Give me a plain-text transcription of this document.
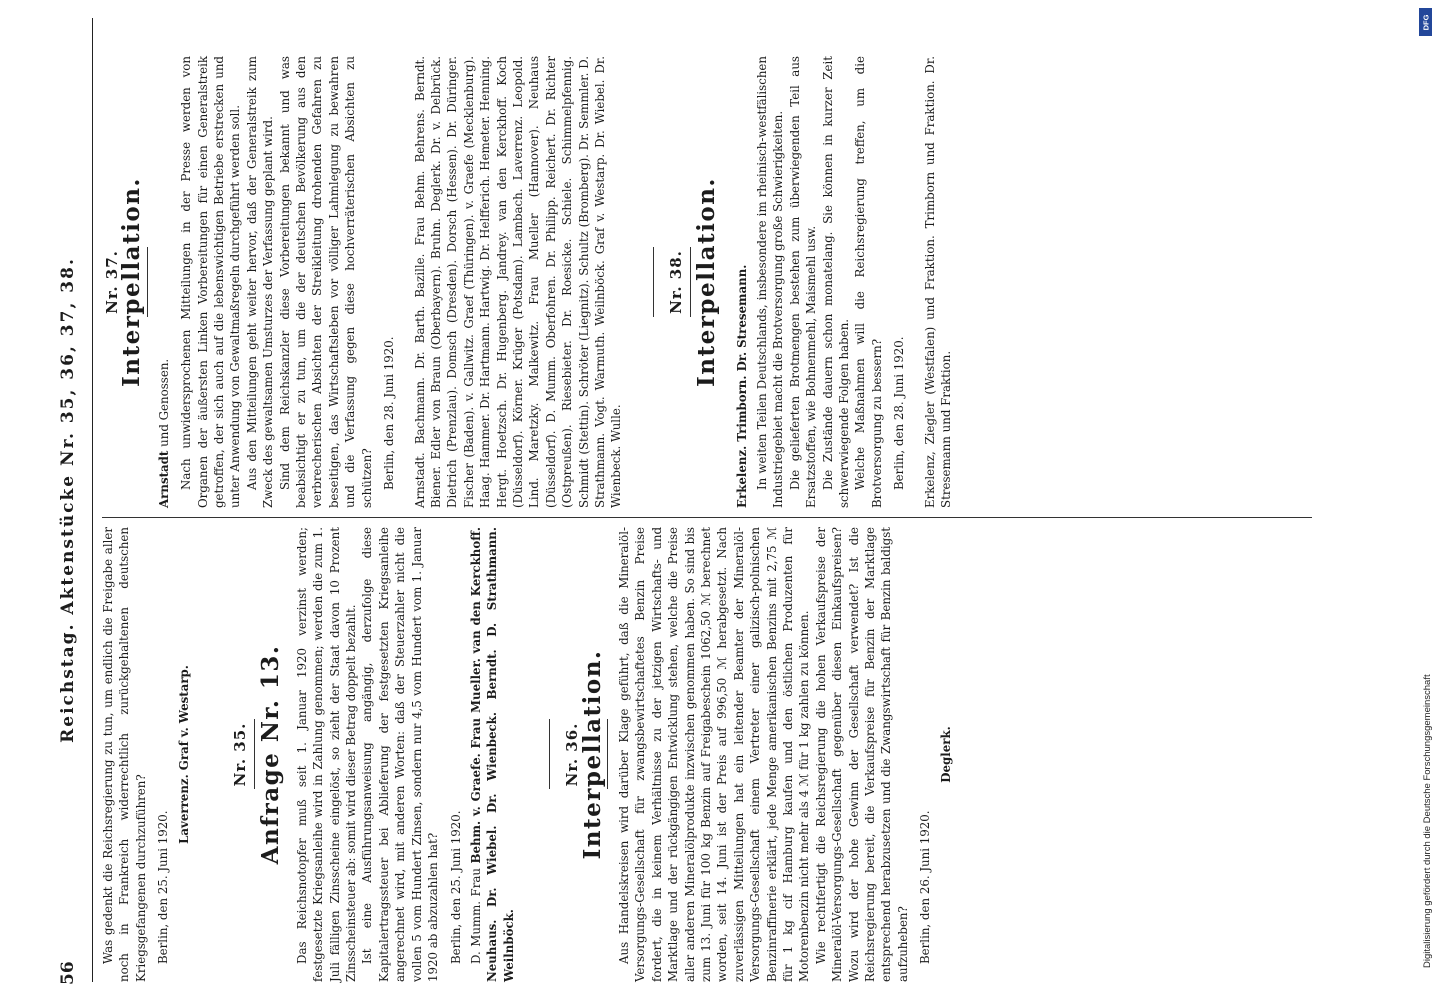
56
Reichstag. Aktenstücke Nr. 35, 36, 37, 38.

Was gedenkt die Reichsregierung zu tun, um endlich die Freigabe aller noch in Frankreich widerrechtlich zurückgehaltenen deutschen Kriegsgefangenen durchzuführen? Berlin, den 25. Juni 1920.
Laverrenz. Graf v. Westarp.	Nr. 35. Anfrage Nr. 13. Das Reichsnotopfer muß seit 1. Januar 1920 verzinst werden; festgesetzte Kriegsanleihe wird in Zahlung genommen; werden die zum 1. Juli fälligen Zinsscheine eingelöst, so zieht der Staat davon 10 Prozent Zinsscheinsteuer ab: somit wird dieser Betrag doppelt bezahlt. Ist eine Ausführungsanweisung angängig, derzufolge diese Kapitalertragssteuer bei Ablieferung der festgesetzten Kriegsanleihe angerechnet wird, mit anderen Worten: daß der Steuerzahler nicht die vollen 5 vom Hundert Zinsen, sondern nur 4,5 vom Hundert vom 1. Januar 1920 ab abzuzahlen hat? Berlin, den 25. Juni 1920. D. Mumm. Frau Behm. v. Graefe. Frau Mueller. van den Kerckhoff. Neuhaus. Dr. Wiebel. Dr. Wienbeck. Berndt. D. Strathmann. Weilnböck.
Nr. 36.
Interpellation. Aus Handelskreisen wird darüber Klage geführt, daß die Mineralöl-Versorgungs-Gesellschaft für zwangsbewirtschaftetes Benzin Preise fordert, die in keinem Verhältnisse zu der jetzigen Wirtschafts- und Marktlage und der rückgängigen Entwicklung stehen, welche die Preise aller anderen Mineralölprodukte inzwischen genommen haben. So sind bis zum 13. Juni für 100 kg Benzin auf Freigabeschein 1062,50 ℳ berechnet worden, seit 14. Juni ist der Preis auf 996,50 ℳ herabgesetzt. Nach zuverlässigen Mitteilungen hat ein leitender Beamter der Mineralöl-Versorgungs-Gesellschaft einem Vertreter einer galizisch-polnischen Benzinraffinerie erklärt, jede Menge amerikanischen Benzins mit 2,75 ℳ für 1 kg cif Hamburg kaufen und den östlichen Produzenten für Motorenbenzin nicht mehr als 4 ℳ für 1 kg zahlen zu können. Wie rechtfertigt die Reichsregierung die hohen Verkaufspreise der Mineralöl-Versorgungs-Gesellschaft gegenüber diesen Einkaufspreisen? Wozu wird der hohe Gewinn der Gesellschaft verwendet? Ist die Reichsregierung bereit, die Verkaufspreise für Benzin der Marktlage entsprechend herabzusetzen und die Zwangswirtschaft für Benzin baldigst aufzuheben? Berlin, den 26. Juni 1920.
Deglerk.
Nr. 37.
Interpellation.
Arnstadt und Genossen. Nach unwidersprochenen Mitteilungen in der Presse werden von Organen der äußersten Linken Vorbereitungen für einen Generalstreik getroffen, der sich auch auf die lebenswichtigen Betriebe erstrecken und unter Anwendung von Gewaltmaßregeln durchgeführt werden soll. Aus den Mitteilungen geht weiter hervor, daß der Generalstreik zum Zweck des gewaltsamen Umsturzes der Verfassung geplant wird. Sind dem Reichskanzler diese Vorbereitungen bekannt und was beabsichtigt er zu tun, um die der deutschen Bevölkerung aus den verbrecherischen Absichten der Streikleitung drohenden Gefahren zu beseitigen, das Wirtschaftsleben vor völliger Lahmlegung zu bewahren und die Verfassung gegen diese hochverräterischen Absichten zu schützen? Berlin, den 28. Juni 1920. Arnstadt. Bachmann. Dr. Barth. Bazille. Frau Behm. Behrens. Berndt. Biener. Edler von Braun (Oberbayern). Bruhn. Deglerk. Dr. v. Delbrück. Dietrich (Prenzlau). Domsch (Dresden). Dorsch (Hessen). Dr. Düringer. Fischer (Baden). v. Gallwitz. Graef (Thüringen). v. Graefe (Mecklenburg). Haag. Hammer. Dr. Hartmann. Hartwig. Dr. Helfferich. Hemeter. Henning. Hergt. Hoetzsch. Dr. Hugenberg. Jandrey. van den Kerckhoff. Koch (Düsseldorf). Körner. Krüger (Potsdam). Lambach. Laverrenz. Leopold. Lind. Maretzky. Malkewitz. Frau Mueller (Hannover). Neuhaus (Düsseldorf). D. Mumm. Oberfohren. Dr. Philipp. Reichert. Dr. Richter (Ostpreußen). Riesebieter. Dr. Roesicke. Schiele. Schimmelpfennig. Schmidt (Stettin). Schröter (Liegnitz). Schultz (Bromberg). Dr. Semmler. D. Strathmann. Vogt. Warmuth. Weilnböck. Graf v. Westarp. Dr. Wiebel. Dr. Wienbeck. Wulle.

Nr. 38. Interpellation. Erkelenz. Trimborn. Dr. Stresemann. In weiten Teilen Deutschlands, insbesondere im rheinisch-westfälischen Industriegebiet macht die Brotversorgung große Schwierigkeiten. Die gelieferten Brotmengen bestehen zum überwiegenden Teil aus Ersatzstoffen, wie Bohnenmehl, Maismehl usw. Die Zustände dauern schon monatelang. Sie können in kurzer Zeit schwerwiegende Folgen haben. Welche Maßnahmen will die Reichsregierung treffen, um die Brotversorgung zu bessern? Berlin, den 28. Juni 1920. Erkelenz, Ziegler (Westfalen) und Fraktion. Trimborn und Fraktion. Dr. Stresemann und Fraktion.

DFG
Digitalisierung gefördert durch die Deutsche Forschungsgemeinschaft
